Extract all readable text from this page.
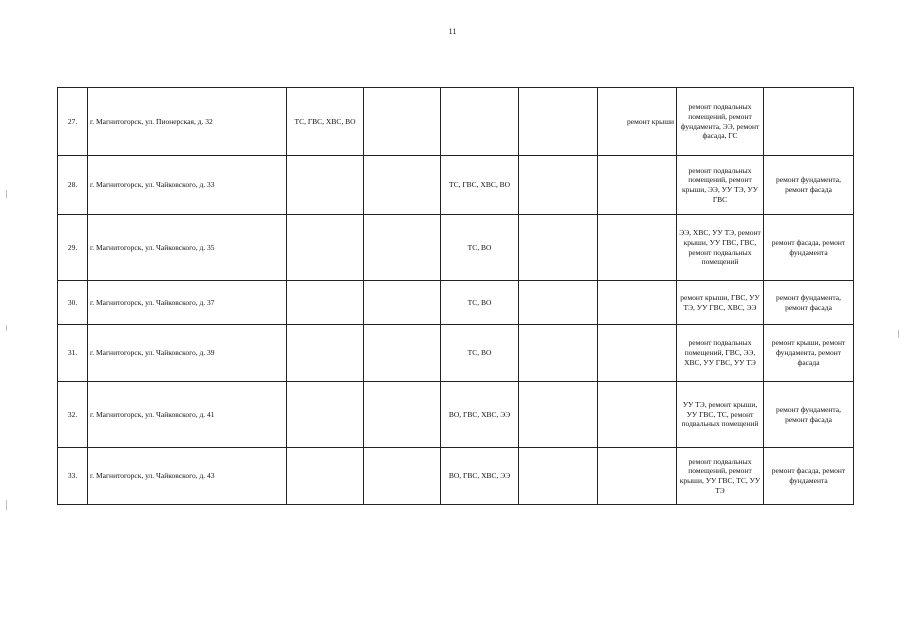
11
27.	г. Магнитогорск, ул. Пионерская, д. 32	ТС, ГВС, ХВС, ВО				ремонт крыши	ремонт подвальных помещений, ремонт фундамента, ЭЭ, ремонт фасада, ГС	
28.	г. Магнитогорск, ул. Чайковского, д. 33			ТС, ГВС, ХВС, ВО			ремонт подвальных помещений, ремонт крыши, ЭЭ, УУ ТЭ, УУ ГВС	ремонт фундамента, ремонт фасада
29.	г. Магнитогорск, ул. Чайковского, д. 35			ТС, ВО			ЭЭ, ХВС, УУ ТЭ, ремонт крыши, УУ ГВС, ГВС, ремонт подвальных помещений	ремонт фасада, ремонт фундамента
30.	г. Магнитогорск, ул. Чайковского, д. 37			ТС, ВО			ремонт крыши, ГВС, УУ ТЭ, УУ ГВС, ХВС, ЭЭ	ремонт фундамента, ремонт фасада
31.	г. Магнитогорск, ул. Чайковского, д. 39			ТС, ВО			ремонт подвальных помещений, ГВС, ЭЭ, ХВС, УУ ГВС, УУ ТЭ	ремонт крыши, ремонт фундамента, ремонт фасада
32.	г. Магнитогорск, ул. Чайковского, д. 41			ВО, ГВС, ХВС, ЭЭ			УУ ТЭ, ремонт крыши, УУ ГВС, ТС, ремонт подвальных помещений	ремонт фундамента, ремонт фасада
33.	г. Магнитогорск, ул. Чайковского, д. 43			ВО, ГВС, ХВС, ЭЭ			ремонт подвальных помещений, ремонт крыши, УУ ГВС, ТС, УУ ТЭ	ремонт фасада, ремонт фундамента
